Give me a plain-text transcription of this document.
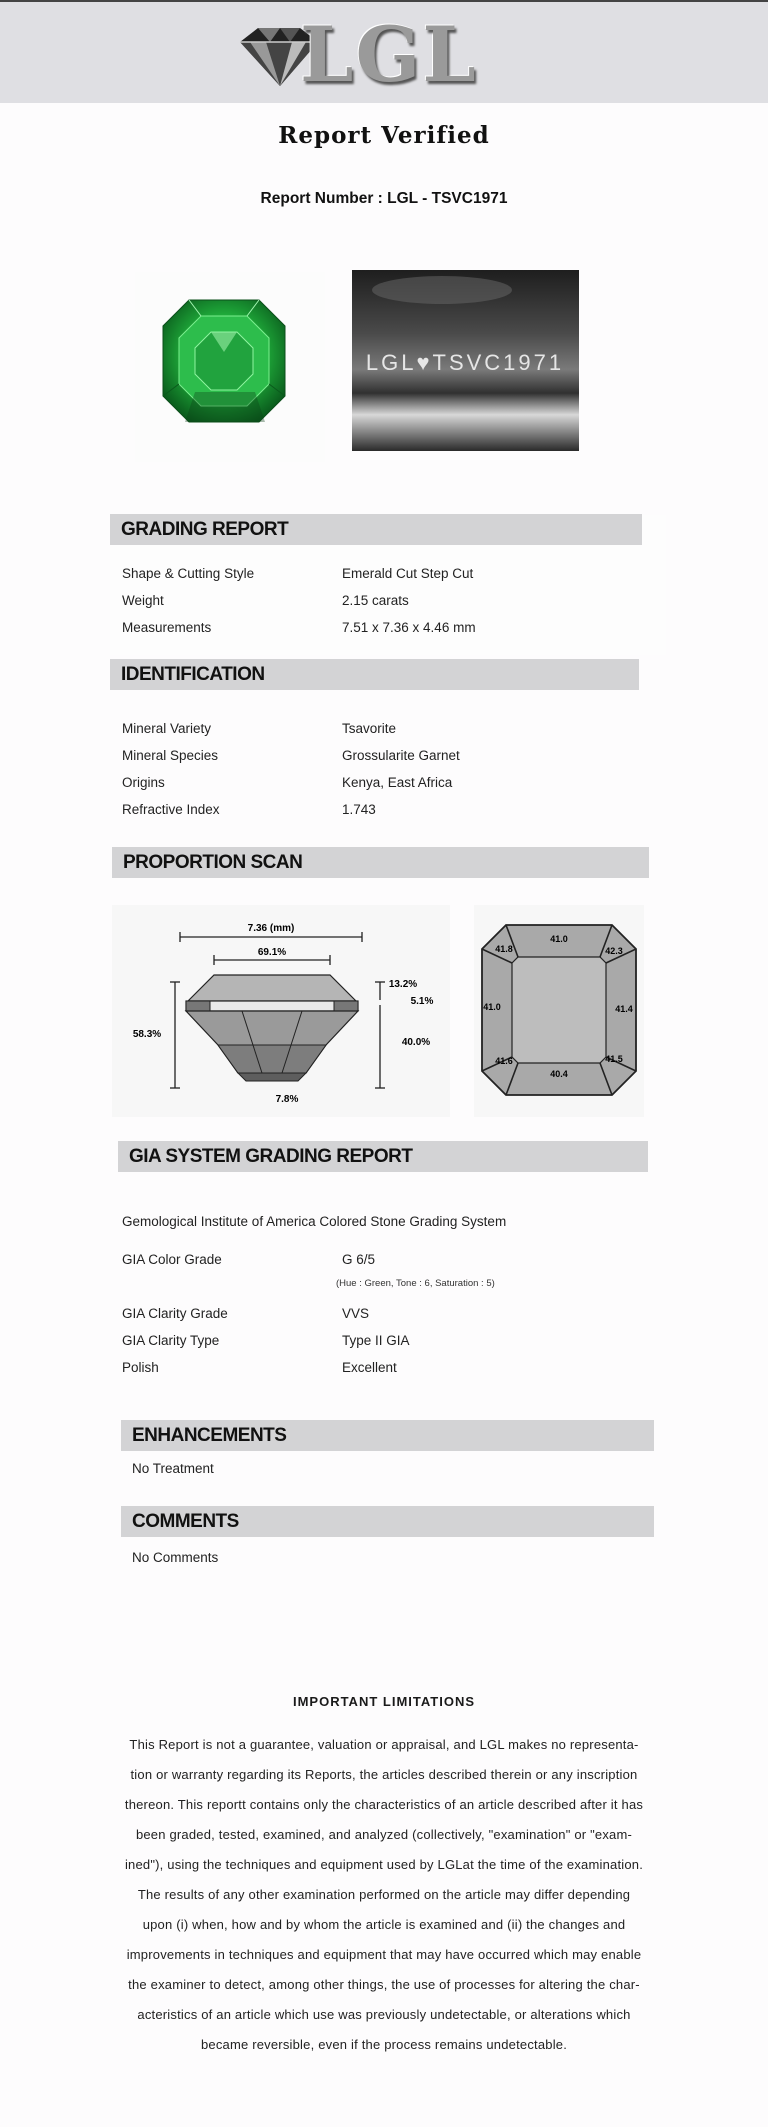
LGL
Report Verified
Report Number : LGL - TSVC1971
LGL♥TSVC1971
GRADING REPORT
Shape & Cutting Style	Emerald Cut Step Cut
Weight	2.15 carats
Measurements	7.51 x 7.36 x 4.46 mm
IDENTIFICATION
Mineral Variety	Tsavorite
Mineral Species	Grossularite Garnet
Origins	Kenya, East Africa
Refractive Index	1.743
PROPORTION SCAN
7.36 (mm)
69.1%
13.2%
5.1%
40.0%
58.3%
7.8%
41.0
41.8	42.3
41.0	41.4
41.6
40.4
41.5
GIA SYSTEM GRADING REPORT
Gemological Institute of America Colored Stone Grading System
GIA Color Grade	G 6/5
(Hue : Green, Tone : 6, Saturation : 5)
GIA Clarity Grade	VVS
GIA Clarity Type	Type II GIA
Polish	Excellent
ENHANCEMENTS
No Treatment
COMMENTS
No Comments
IMPORTANT LIMITATIONS
This Report is not a guarantee, valuation or appraisal, and LGL makes no representa-
tion or warranty regarding its Reports, the articles described therein or any inscription
thereon. This reportt contains only the characteristics of an article described after it has
been graded, tested, examined, and analyzed (collectively, "examination" or "exam-
ined"), using the techniques and equipment used by LGLat the time of the examination.
The results of any other examination performed on the article may differ depending
upon (i) when, how and by whom the article is examined and (ii) the changes and
improvements in techniques and equipment that may have occurred which may enable
the examiner to detect, among other things, the use of processes for altering the char-
acteristics of an article which use was previously undetectable, or alterations which
became reversible, even if the process remains undetectable.
